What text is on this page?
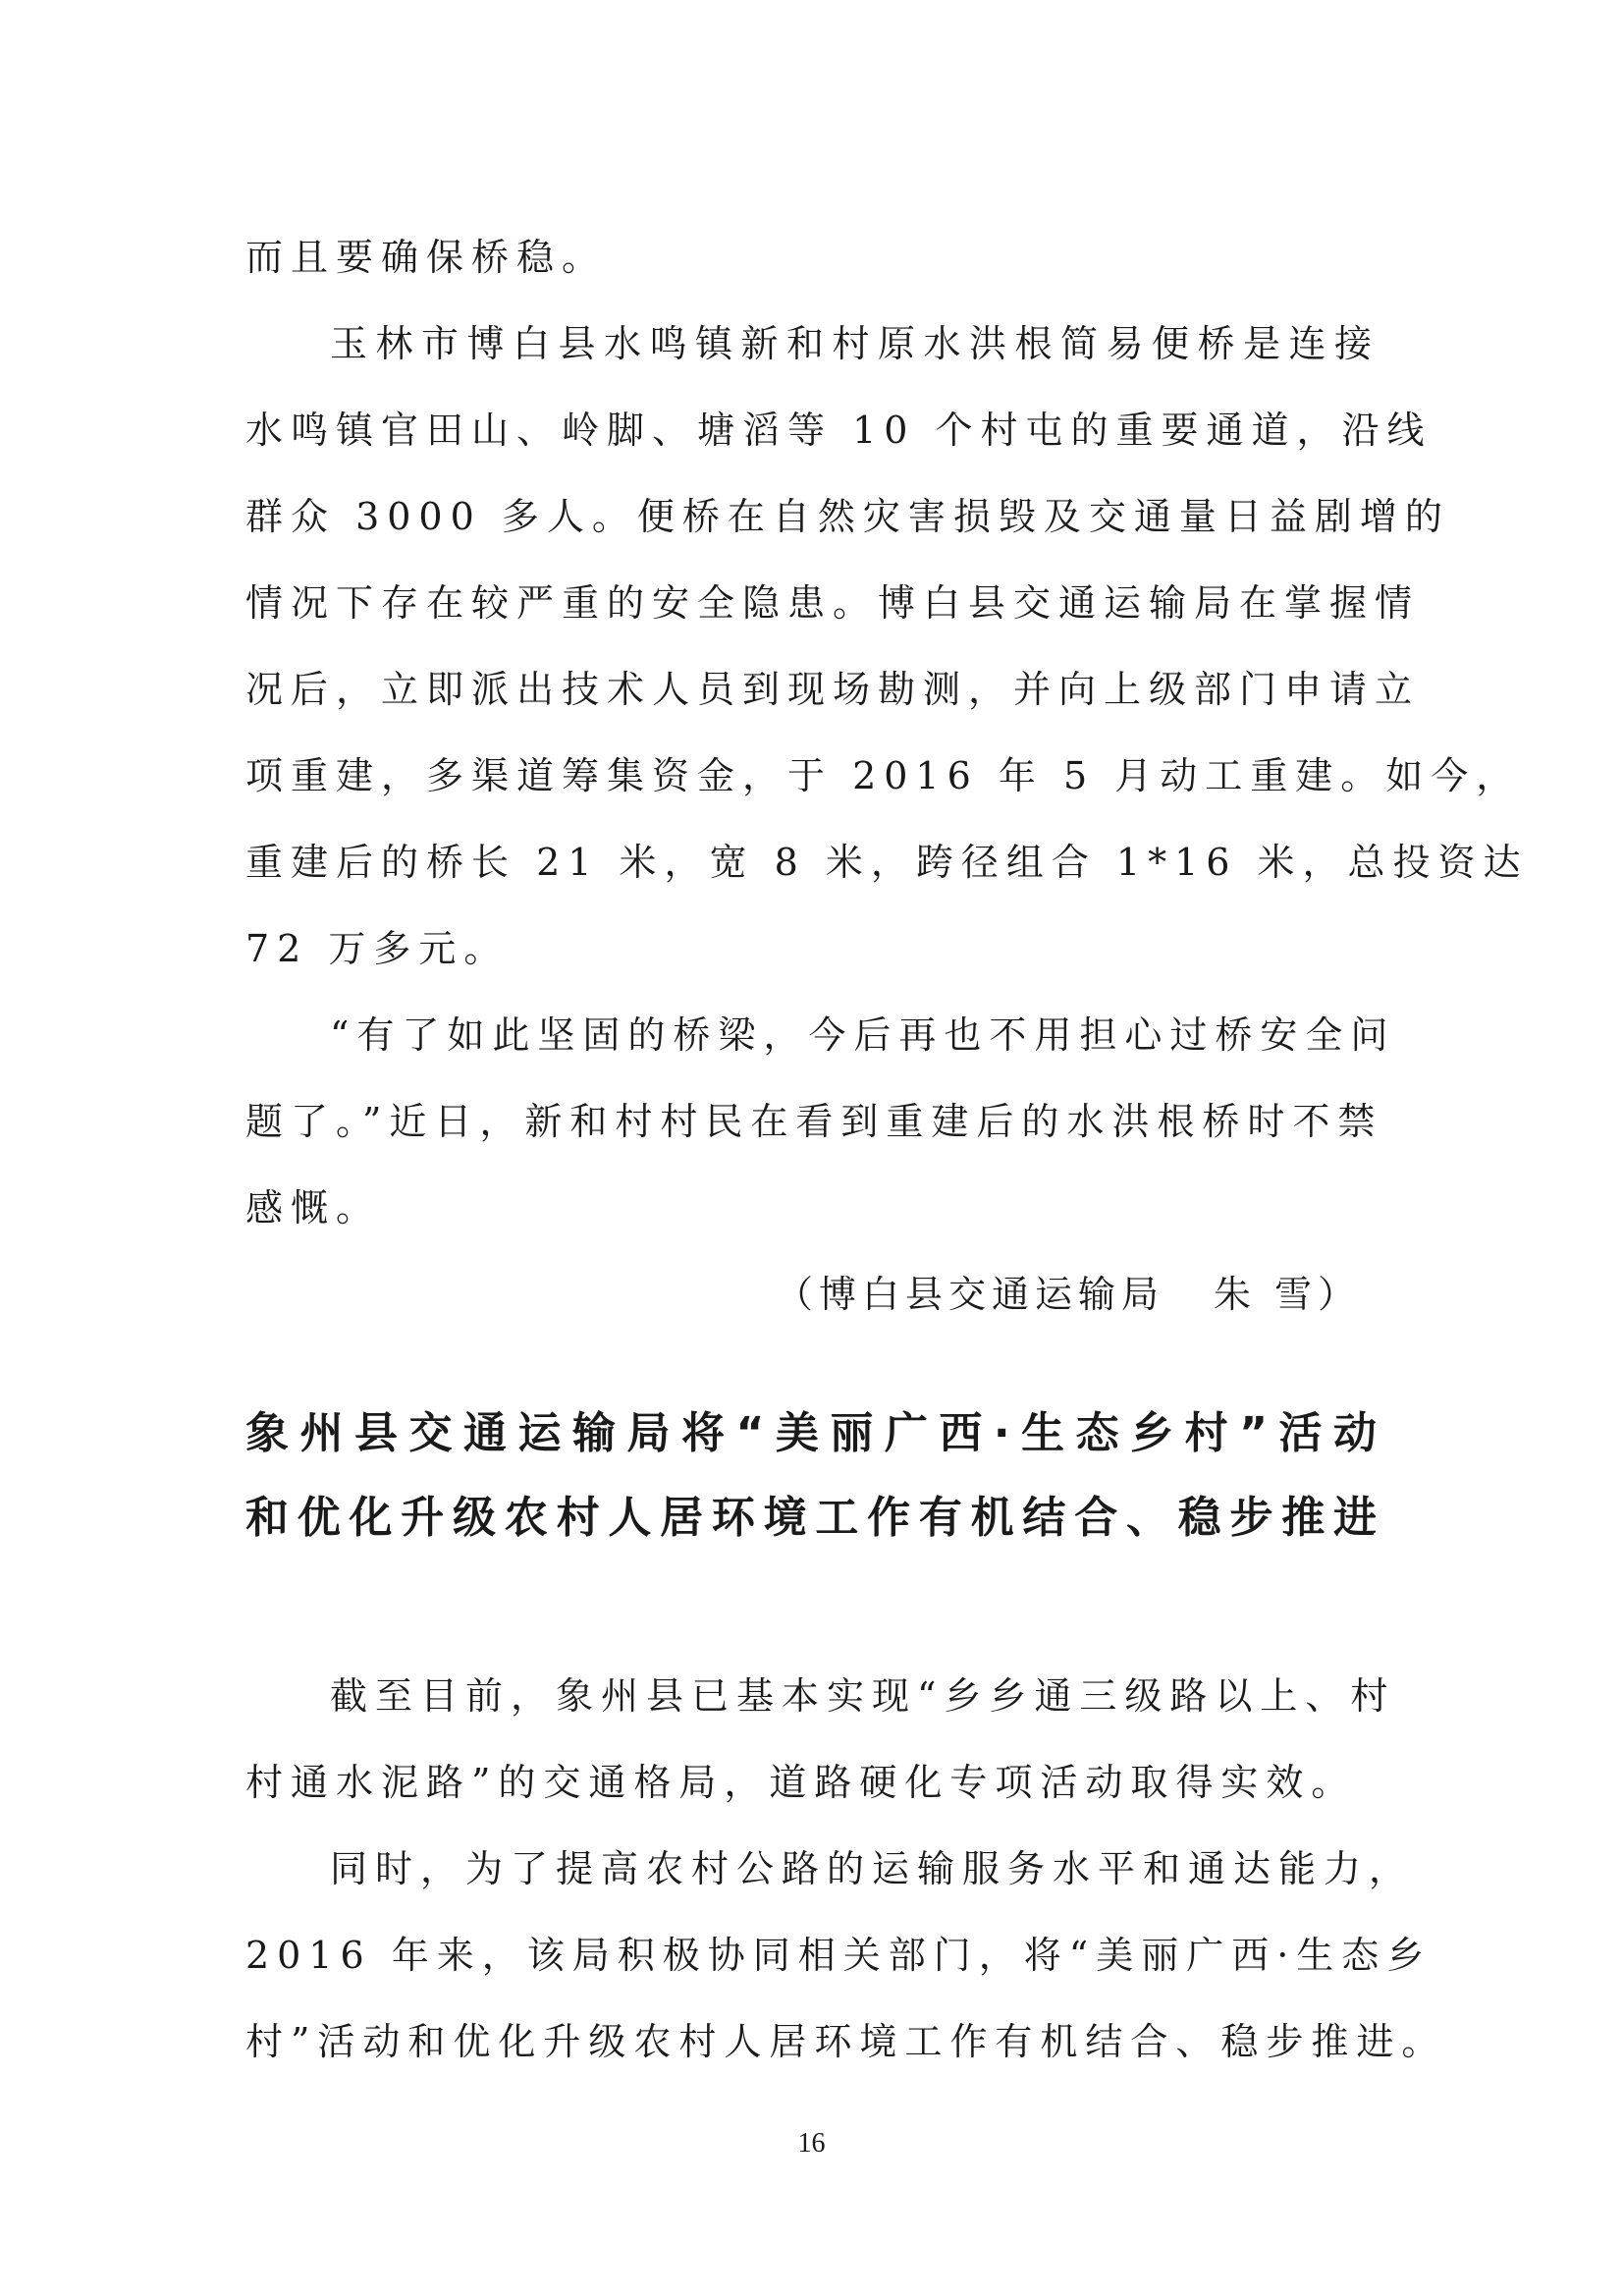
而且要确保桥稳。
玉林市博白县水鸣镇新和村原水洪根简易便桥是连接
水鸣镇官田山、岭脚、塘滔等 10 个村屯的重要通道，沿线
群众 3000 多人。便桥在自然灾害损毁及交通量日益剧增的
情况下存在较严重的安全隐患。博白县交通运输局在掌握情
况后，立即派出技术人员到现场勘测，并向上级部门申请立
项重建，多渠道筹集资金，于 2016 年 5 月动工重建。如今，
重建后的桥长 21 米，宽 8 米，跨径组合 1*16 米，总投资达
72 万多元。
“有了如此坚固的桥梁，今后再也不用担心过桥安全问
题了。”近日，新和村村民在看到重建后的水洪根桥时不禁
感慨。
（博白县交通运输局 朱 雪）
象州县交通运输局将“美丽广西·生态乡村”活动
和优化升级农村人居环境工作有机结合、稳步推进
截至目前，象州县已基本实现“乡乡通三级路以上、村
村通水泥路”的交通格局，道路硬化专项活动取得实效。
同时，为了提高农村公路的运输服务水平和通达能力，
2016 年来，该局积极协同相关部门，将“美丽广西·生态乡
村”活动和优化升级农村人居环境工作有机结合、稳步推进。
16
